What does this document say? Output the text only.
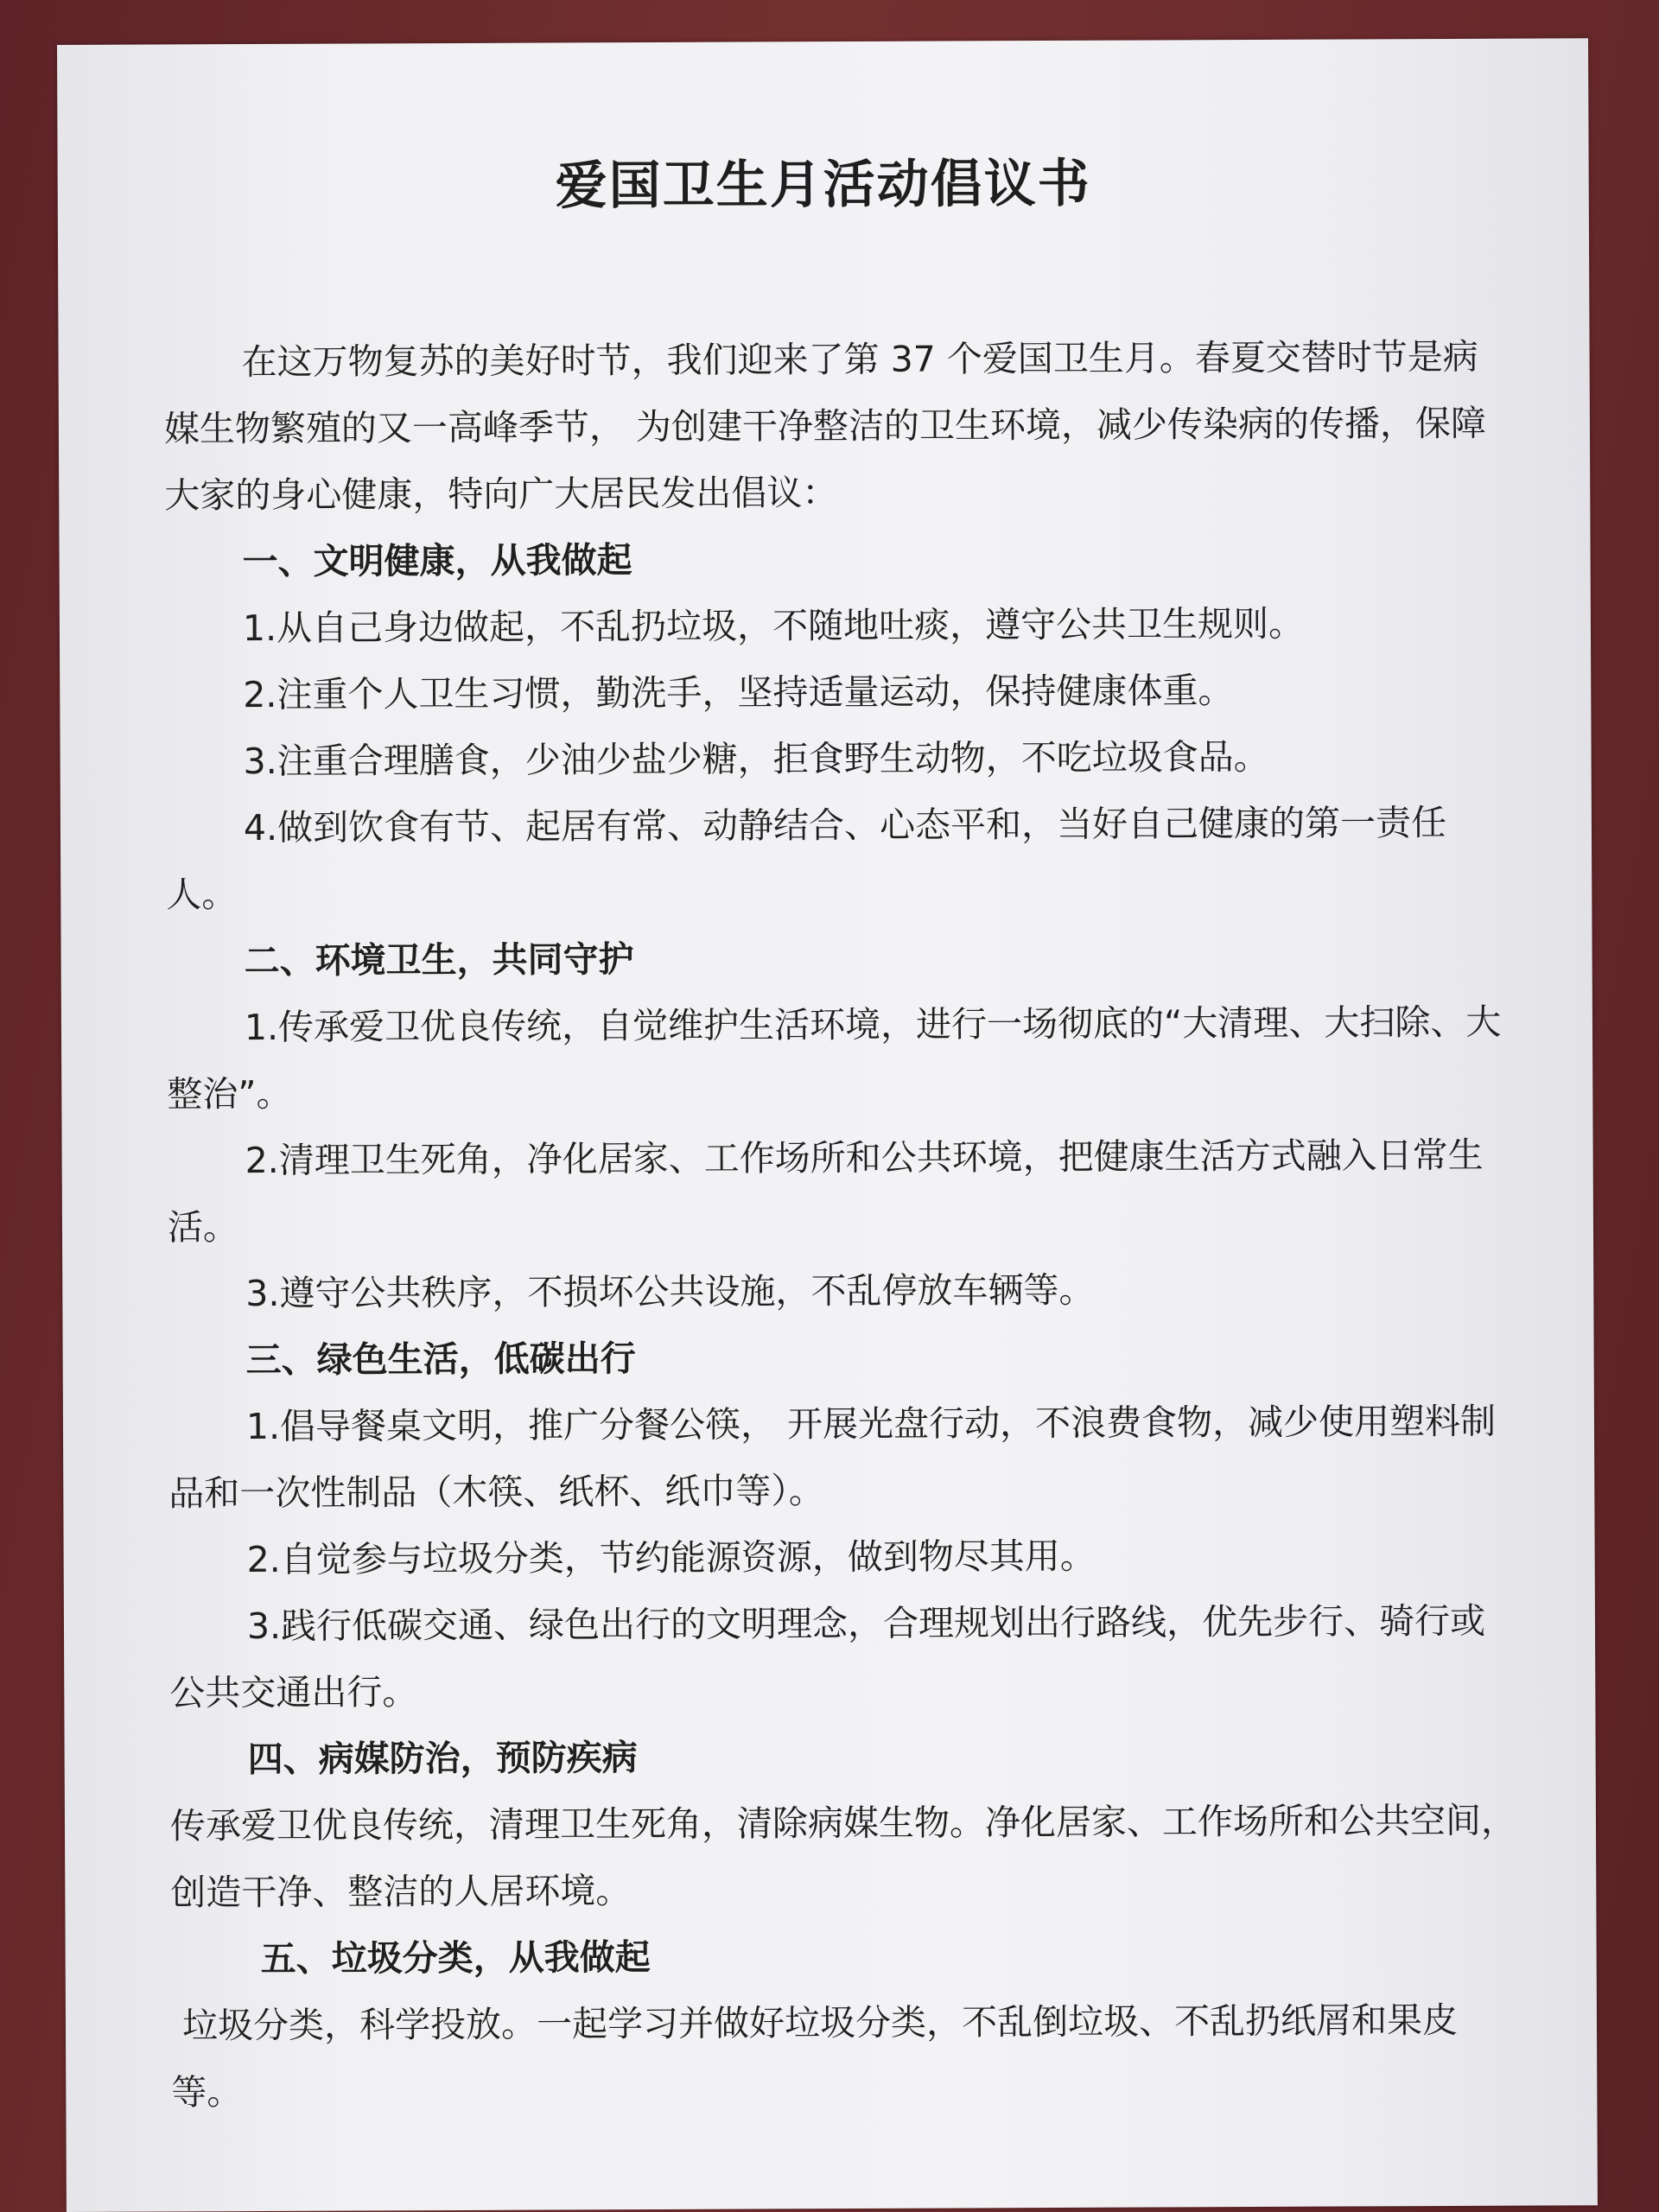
爱国卫生月活动倡议书

在这万物复苏的美好时节，我们迎来了第 37 个爱国卫生月。春夏交替时节是病媒生物繁殖的又一高峰季节， 为创建干净整洁的卫生环境，减少传染病的传播，保障大家的身心健康，特向广大居民发出倡议：

一、文明健康，从我做起

1.从自己身边做起，不乱扔垃圾，不随地吐痰，遵守公共卫生规则。

2.注重个人卫生习惯，勤洗手，坚持适量运动，保持健康体重。

3.注重合理膳食，少油少盐少糖，拒食野生动物，不吃垃圾食品。

4.做到饮食有节、起居有常、动静结合、心态平和，当好自己健康的第一责任人。

二、环境卫生，共同守护

1.传承爱卫优良传统，自觉维护生活环境，进行一场彻底的“大清理、大扫除、大整治”。

2.清理卫生死角，净化居家、工作场所和公共环境，把健康生活方式融入日常生活。

3.遵守公共秩序，不损坏公共设施，不乱停放车辆等。

三、绿色生活，低碳出行

1.倡导餐桌文明，推广分餐公筷， 开展光盘行动，不浪费食物，减少使用塑料制品和一次性制品（木筷、纸杯、纸巾等）。

2.自觉参与垃圾分类，节约能源资源，做到物尽其用。

3.践行低碳交通、绿色出行的文明理念，合理规划出行路线，优先步行、骑行或公共交通出行。

四、病媒防治，预防疾病

传承爱卫优良传统，清理卫生死角，清除病媒生物。净化居家、工作场所和公共空间，创造干净、整洁的人居环境。

五、垃圾分类，从我做起

垃圾分类，科学投放。一起学习并做好垃圾分类，不乱倒垃圾、不乱扔纸屑和果皮等。
